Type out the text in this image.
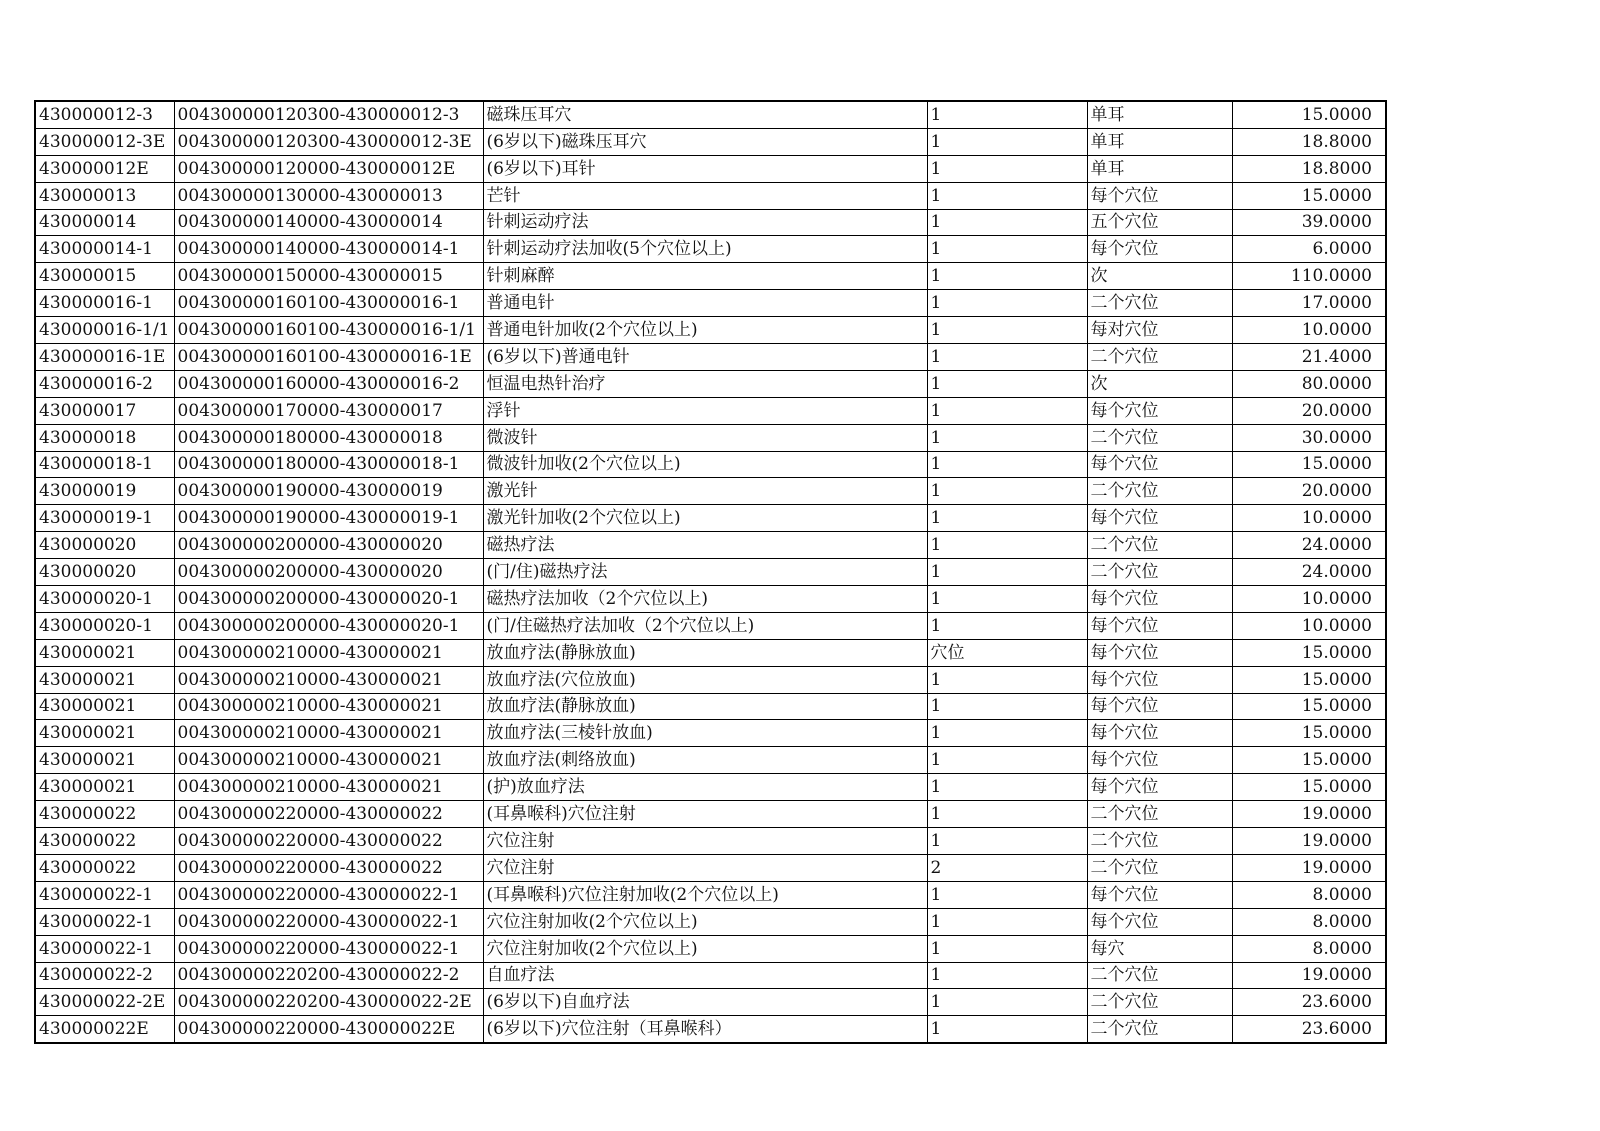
430000012-3	004300000120300-430000012-3	磁珠压耳穴	1	单耳	15.0000
430000012-3E	004300000120300-430000012-3E	(6岁以下)磁珠压耳穴	1	单耳	18.8000
430000012E	004300000120000-430000012E	(6岁以下)耳针	1	单耳	18.8000
430000013	004300000130000-430000013	芒针	1	每个穴位	15.0000
430000014	004300000140000-430000014	针刺运动疗法	1	五个穴位	39.0000
430000014-1	004300000140000-430000014-1	针刺运动疗法加收(5个穴位以上)	1	每个穴位	6.0000
430000015	004300000150000-430000015	针刺麻醉	1	次	110.0000
430000016-1	004300000160100-430000016-1	普通电针	1	二个穴位	17.0000
430000016-1/1	004300000160100-430000016-1/1	普通电针加收(2个穴位以上)	1	每对穴位	10.0000
430000016-1E	004300000160100-430000016-1E	(6岁以下)普通电针	1	二个穴位	21.4000
430000016-2	004300000160000-430000016-2	恒温电热针治疗	1	次	80.0000
430000017	004300000170000-430000017	浮针	1	每个穴位	20.0000
430000018	004300000180000-430000018	微波针	1	二个穴位	30.0000
430000018-1	004300000180000-430000018-1	微波针加收(2个穴位以上)	1	每个穴位	15.0000
430000019	004300000190000-430000019	激光针	1	二个穴位	20.0000
430000019-1	004300000190000-430000019-1	激光针加收(2个穴位以上)	1	每个穴位	10.0000
430000020	004300000200000-430000020	磁热疗法	1	二个穴位	24.0000
430000020	004300000200000-430000020	(门/住)磁热疗法	1	二个穴位	24.0000
430000020-1	004300000200000-430000020-1	磁热疗法加收（2个穴位以上)	1	每个穴位	10.0000
430000020-1	004300000200000-430000020-1	(门/住磁热疗法加收（2个穴位以上)	1	每个穴位	10.0000
430000021	004300000210000-430000021	放血疗法(静脉放血)	穴位	每个穴位	15.0000
430000021	004300000210000-430000021	放血疗法(穴位放血)	1	每个穴位	15.0000
430000021	004300000210000-430000021	放血疗法(静脉放血)	1	每个穴位	15.0000
430000021	004300000210000-430000021	放血疗法(三棱针放血)	1	每个穴位	15.0000
430000021	004300000210000-430000021	放血疗法(刺络放血)	1	每个穴位	15.0000
430000021	004300000210000-430000021	(护)放血疗法	1	每个穴位	15.0000
430000022	004300000220000-430000022	(耳鼻喉科)穴位注射	1	二个穴位	19.0000
430000022	004300000220000-430000022	穴位注射	1	二个穴位	19.0000
430000022	004300000220000-430000022	穴位注射	2	二个穴位	19.0000
430000022-1	004300000220000-430000022-1	(耳鼻喉科)穴位注射加收(2个穴位以上)	1	每个穴位	8.0000
430000022-1	004300000220000-430000022-1	穴位注射加收(2个穴位以上)	1	每个穴位	8.0000
430000022-1	004300000220000-430000022-1	穴位注射加收(2个穴位以上)	1	每穴	8.0000
430000022-2	004300000220200-430000022-2	自血疗法	1	二个穴位	19.0000
430000022-2E	004300000220200-430000022-2E	(6岁以下)自血疗法	1	二个穴位	23.6000
430000022E	004300000220000-430000022E	(6岁以下)穴位注射（耳鼻喉科）	1	二个穴位	23.6000
